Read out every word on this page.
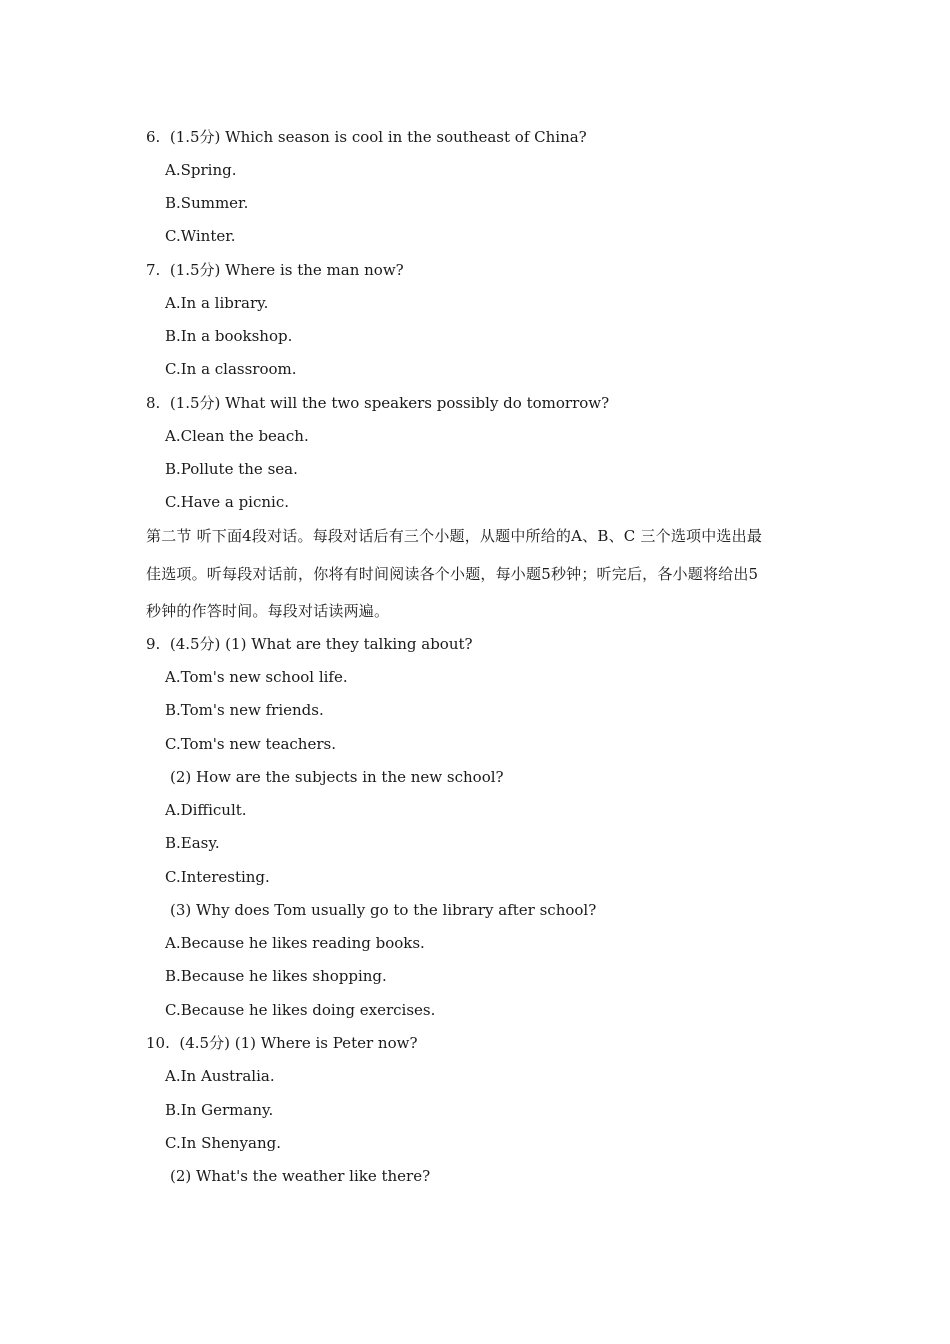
6.  (1.5分) Which season is cool in the southeast of China?
A.Spring.
B.Summer.
C.Winter.
7.  (1.5分) Where is the man now?
A.In a library.
B.In a bookshop.
C.In a classroom.
8.  (1.5分) What will the two speakers possibly do tomorrow?
A.Clean the beach.
B.Pollute the sea.
C.Have a picnic.
第二节 听下面4段对话。每段对话后有三个小题，从题中所给的A、B、C 三个选项中选出最
佳选项。听每段对话前，你将有时间阅读各个小题，每小题5秒钟；听完后，各小题将给出5
秒钟的作答时间。每段对话读两遍。
9.  (4.5分) (1) What are they talking about?
A.Tom's new school life.
B.Tom's new friends.
C.Tom's new teachers.
(2) How are the subjects in the new school?
A.Difficult.
B.Easy.
C.Interesting.
(3) Why does Tom usually go to the library after school?
A.Because he likes reading books.
B.Because he likes shopping.
C.Because he likes doing exercises.
10.  (4.5分) (1) Where is Peter now?
A.In Australia.
B.In Germany.
C.In Shenyang.
(2) What's the weather like there?
